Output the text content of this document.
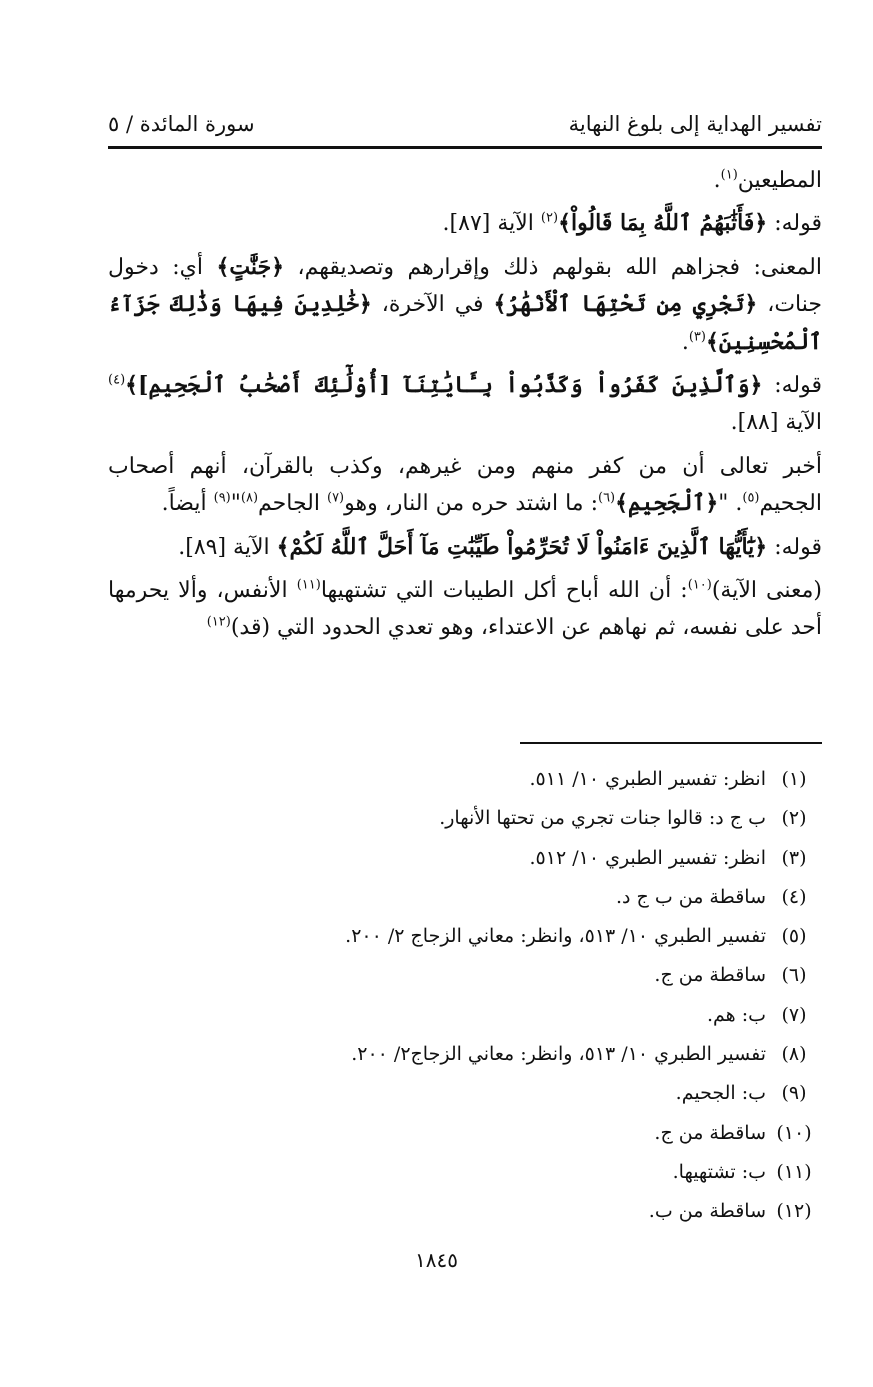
تفسير الهداية إلى بلوغ النهاية
سورة المائدة / ٥

المطيعين$^{(١)}$.

قوله: ﴿فَأَثَٰبَهُمُ ٱللَّهُ بِمَا قَالُواْ﴾$^{(٢)}$ الآية [٨٧].

المعنى: فجزاهم الله بقولهم ذلك وإقرارهم وتصديقهم، ﴿جَنَّٰتٍ﴾ أي: دخول جنات، ﴿تَجْرِي مِن تَحْتِهَا ٱلْأَنْهَٰرُ﴾ في الآخرة، ﴿خَٰلِدِينَ فِيهَا وَذَٰلِكَ جَزَآءُ ٱلْمُحْسِنِينَ﴾$^{(٣)}$.

قوله: ﴿وَٱلَّذِينَ كَفَرُواْ وَكَذَّبُواْ بِـَٔايَٰتِنَآ [أُوْلَٰٓئِكَ أَصْحَٰبُ ٱلْجَحِيمِ]﴾$^{(٤)}$ الآية [٨٨].

أخبر تعالى أن من كفر منهم ومن غيرهم، وكذب بالقرآن، أنهم أصحاب الجحيم$^{(٥)}$. "﴿ٱلْجَحِيمِ﴾$^{(٦)}$: ما اشتد حره من النار، وهو$^{(٧)}$ الجاحم$^{(٨)}$"$^{(٩)}$ أيضاً.

قوله: ﴿يَٰٓأَيُّهَا ٱلَّذِينَ ءَامَنُواْ لَا تُحَرِّمُواْ طَيِّبَٰتِ مَآ أَحَلَّ ٱللَّهُ لَكُمْ﴾ الآية [٨٩].

(معنى الآية)$^{(١٠)}$: أن الله أباح أكل الطيبات التي تشتهيها$^{(١١)}$ الأنفس، وألا يحرمها أحد على نفسه، ثم نهاهم عن الاعتداء، وهو تعدي الحدود التي (قد)$^{(١٢)}$

(١)
انظر: تفسير الطبري ١٠/ ٥١١.
(٢)
ب ج د: قالوا جنات تجري من تحتها الأنهار.
(٣)
انظر: تفسير الطبري ١٠/ ٥١٢.
(٤)
ساقطة من ب ج د.
(٥)
تفسير الطبري ١٠/ ٥١٣، وانظر: معاني الزجاج ٢/ ٢٠٠.
(٦)
ساقطة من ج.
(٧)
ب: هم.
(٨)
تفسير الطبري ١٠/ ٥١٣، وانظر: معاني الزجاج٢/ ٢٠٠.
(٩)
ب: الجحيم.
(١٠)
ساقطة من ج.
(١١)
ب: تشتهيها.
(١٢)
ساقطة من ب.
١٨٤٥
